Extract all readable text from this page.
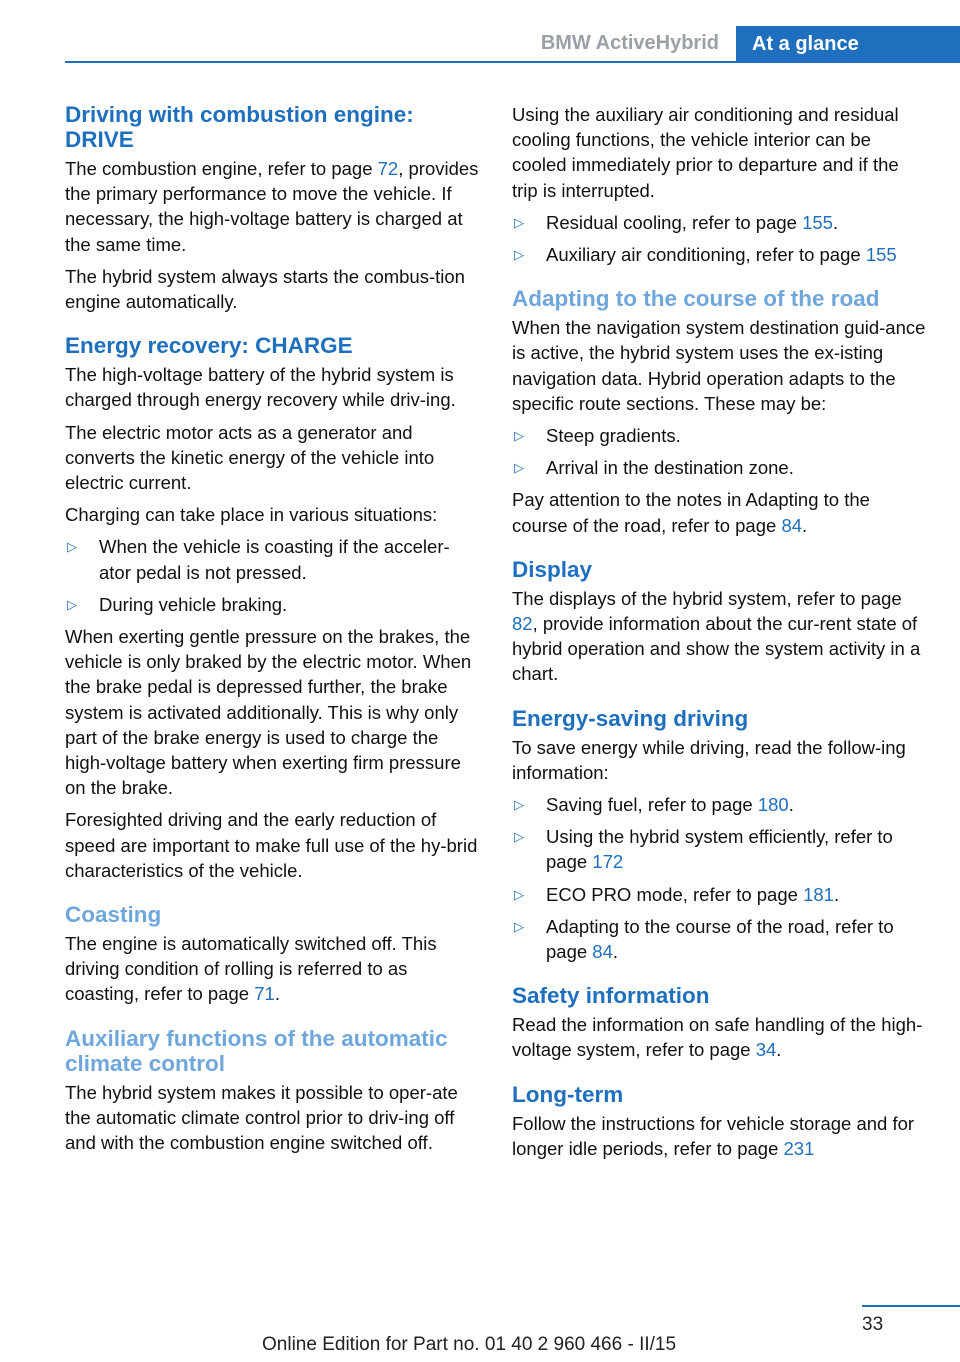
BMW ActiveHybrid	At a glance
Driving with combustion engine: DRIVE

The combustion engine, refer to page 72, provides the primary performance to move the vehicle. If necessary, the high-voltage battery is charged at the same time.

The hybrid system always starts the combus‐tion engine automatically.

Energy recovery: CHARGE

The high-voltage battery of the hybrid system is charged through energy recovery while driv‐ing.

The electric motor acts as a generator and converts the kinetic energy of the vehicle into electric current.

Charging can take place in various situations:

▷ When the vehicle is coasting if the acceler‐ator pedal is not pressed.
▷ During vehicle braking.

When exerting gentle pressure on the brakes, the vehicle is only braked by the electric motor. When the brake pedal is depressed further, the brake system is activated additionally. This is why only part of the brake energy is used to charge the high-voltage battery when exerting firm pressure on the brake.

Foresighted driving and the early reduction of speed are important to make full use of the hy‐brid characteristics of the vehicle.

Coasting

The engine is automatically switched off. This driving condition of rolling is referred to as coasting, refer to page 71.

Auxiliary functions of the automatic climate control

The hybrid system makes it possible to oper‐ate the automatic climate control prior to driv‐ing off and with the combustion engine switched off.

Using the auxiliary air conditioning and residual cooling functions, the vehicle interior can be cooled immediately prior to departure and if the trip is interrupted.

▷ Residual cooling, refer to page 155.
▷ Auxiliary air conditioning, refer to page 155
Adapting to the course of the road

When the navigation system destination guid‐ance is active, the hybrid system uses the ex‐isting navigation data. Hybrid operation adapts to the specific route sections. These may be:

▷ Steep gradients.
▷ Arrival in the destination zone.

Pay attention to the notes in Adapting to the course of the road, refer to page 84.

Display

The displays of the hybrid system, refer to page 82, provide information about the cur‐rent state of hybrid operation and show the system activity in a chart.

Energy-saving driving

To save energy while driving, read the follow‐ing information:

▷ Saving fuel, refer to page 180.
▷ Using the hybrid system efficiently, refer to page 172
▷ ECO PRO mode, refer to page 181.
▷ Adapting to the course of the road, refer to page 84.
Safety information

Read the information on safe handling of the high-voltage system, refer to page 34.

Long-term

Follow the instructions for vehicle storage and for longer idle periods, refer to page 231

33
Online Edition for Part no. 01 40 2 960 466 - II/15
